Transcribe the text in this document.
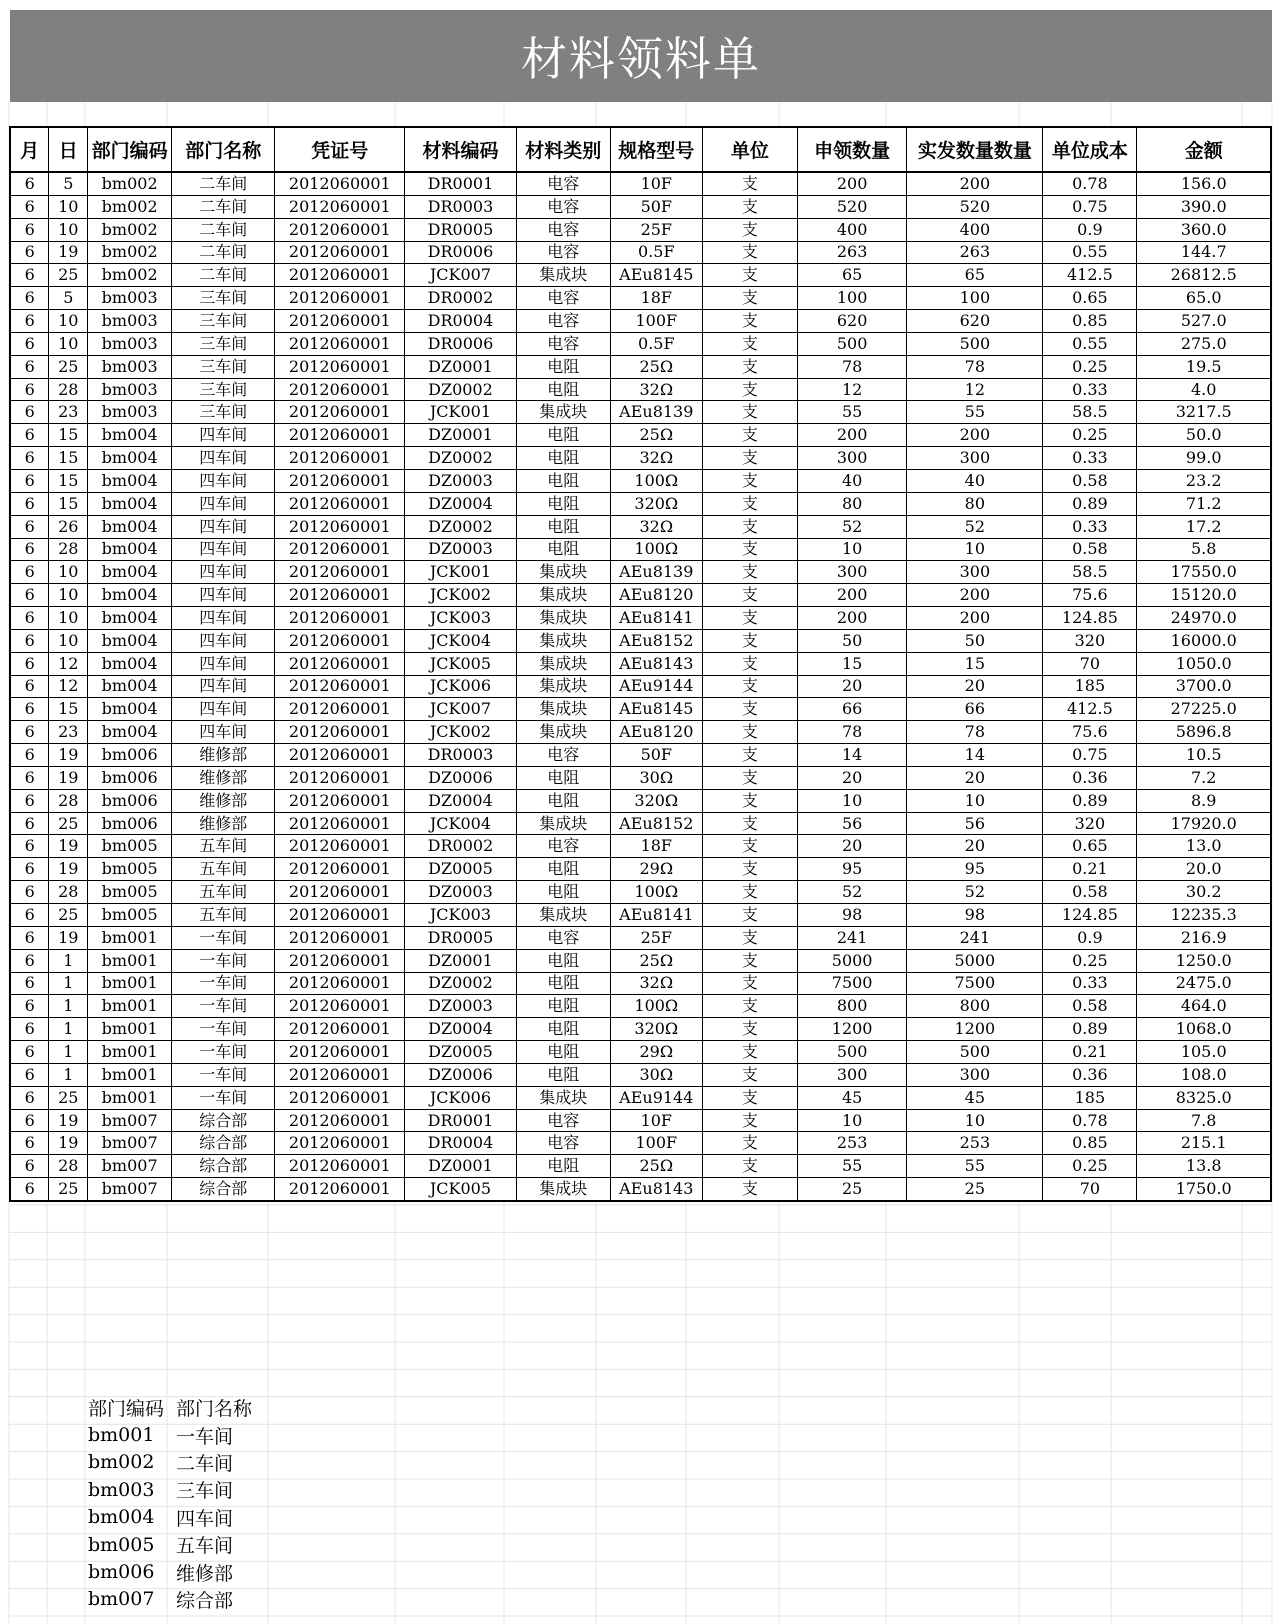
材料领料单
月	日	部门编码	部门名称	凭证号	材料编码	材料类别	规格型号	单位	申领数量	实发数量数量	单位成本	金额
6	5	bm002	二车间	2012060001	DR0001	电容	10F	支	200	200	0.78	156.0
6	10	bm002	二车间	2012060001	DR0003	电容	50F	支	520	520	0.75	390.0
6	10	bm002	二车间	2012060001	DR0005	电容	25F	支	400	400	0.9	360.0
6	19	bm002	二车间	2012060001	DR0006	电容	0.5F	支	263	263	0.55	144.7
6	25	bm002	二车间	2012060001	JCK007	集成块	AEu8145	支	65	65	412.5	26812.5
6	5	bm003	三车间	2012060001	DR0002	电容	18F	支	100	100	0.65	65.0
6	10	bm003	三车间	2012060001	DR0004	电容	100F	支	620	620	0.85	527.0
6	10	bm003	三车间	2012060001	DR0006	电容	0.5F	支	500	500	0.55	275.0
6	25	bm003	三车间	2012060001	DZ0001	电阻	25Ω	支	78	78	0.25	19.5
6	28	bm003	三车间	2012060001	DZ0002	电阻	32Ω	支	12	12	0.33	4.0
6	23	bm003	三车间	2012060001	JCK001	集成块	AEu8139	支	55	55	58.5	3217.5
6	15	bm004	四车间	2012060001	DZ0001	电阻	25Ω	支	200	200	0.25	50.0
6	15	bm004	四车间	2012060001	DZ0002	电阻	32Ω	支	300	300	0.33	99.0
6	15	bm004	四车间	2012060001	DZ0003	电阻	100Ω	支	40	40	0.58	23.2
6	15	bm004	四车间	2012060001	DZ0004	电阻	320Ω	支	80	80	0.89	71.2
6	26	bm004	四车间	2012060001	DZ0002	电阻	32Ω	支	52	52	0.33	17.2
6	28	bm004	四车间	2012060001	DZ0003	电阻	100Ω	支	10	10	0.58	5.8
6	10	bm004	四车间	2012060001	JCK001	集成块	AEu8139	支	300	300	58.5	17550.0
6	10	bm004	四车间	2012060001	JCK002	集成块	AEu8120	支	200	200	75.6	15120.0
6	10	bm004	四车间	2012060001	JCK003	集成块	AEu8141	支	200	200	124.85	24970.0
6	10	bm004	四车间	2012060001	JCK004	集成块	AEu8152	支	50	50	320	16000.0
6	12	bm004	四车间	2012060001	JCK005	集成块	AEu8143	支	15	15	70	1050.0
6	12	bm004	四车间	2012060001	JCK006	集成块	AEu9144	支	20	20	185	3700.0
6	15	bm004	四车间	2012060001	JCK007	集成块	AEu8145	支	66	66	412.5	27225.0
6	23	bm004	四车间	2012060001	JCK002	集成块	AEu8120	支	78	78	75.6	5896.8
6	19	bm006	维修部	2012060001	DR0003	电容	50F	支	14	14	0.75	10.5
6	19	bm006	维修部	2012060001	DZ0006	电阻	30Ω	支	20	20	0.36	7.2
6	28	bm006	维修部	2012060001	DZ0004	电阻	320Ω	支	10	10	0.89	8.9
6	25	bm006	维修部	2012060001	JCK004	集成块	AEu8152	支	56	56	320	17920.0
6	19	bm005	五车间	2012060001	DR0002	电容	18F	支	20	20	0.65	13.0
6	19	bm005	五车间	2012060001	DZ0005	电阻	29Ω	支	95	95	0.21	20.0
6	28	bm005	五车间	2012060001	DZ0003	电阻	100Ω	支	52	52	0.58	30.2
6	25	bm005	五车间	2012060001	JCK003	集成块	AEu8141	支	98	98	124.85	12235.3
6	19	bm001	一车间	2012060001	DR0005	电容	25F	支	241	241	0.9	216.9
6	1	bm001	一车间	2012060001	DZ0001	电阻	25Ω	支	5000	5000	0.25	1250.0
6	1	bm001	一车间	2012060001	DZ0002	电阻	32Ω	支	7500	7500	0.33	2475.0
6	1	bm001	一车间	2012060001	DZ0003	电阻	100Ω	支	800	800	0.58	464.0
6	1	bm001	一车间	2012060001	DZ0004	电阻	320Ω	支	1200	1200	0.89	1068.0
6	1	bm001	一车间	2012060001	DZ0005	电阻	29Ω	支	500	500	0.21	105.0
6	1	bm001	一车间	2012060001	DZ0006	电阻	30Ω	支	300	300	0.36	108.0
6	25	bm001	一车间	2012060001	JCK006	集成块	AEu9144	支	45	45	185	8325.0
6	19	bm007	综合部	2012060001	DR0001	电容	10F	支	10	10	0.78	7.8
6	19	bm007	综合部	2012060001	DR0004	电容	100F	支	253	253	0.85	215.1
6	28	bm007	综合部	2012060001	DZ0001	电阻	25Ω	支	55	55	0.25	13.8
6	25	bm007	综合部	2012060001	JCK005	集成块	AEu8143	支	25	25	70	1750.0
部门编码 部门名称
bm001	一车间
bm002	二车间
bm003	三车间
bm004	四车间
bm005	五车间
bm006	维修部
bm007	综合部
